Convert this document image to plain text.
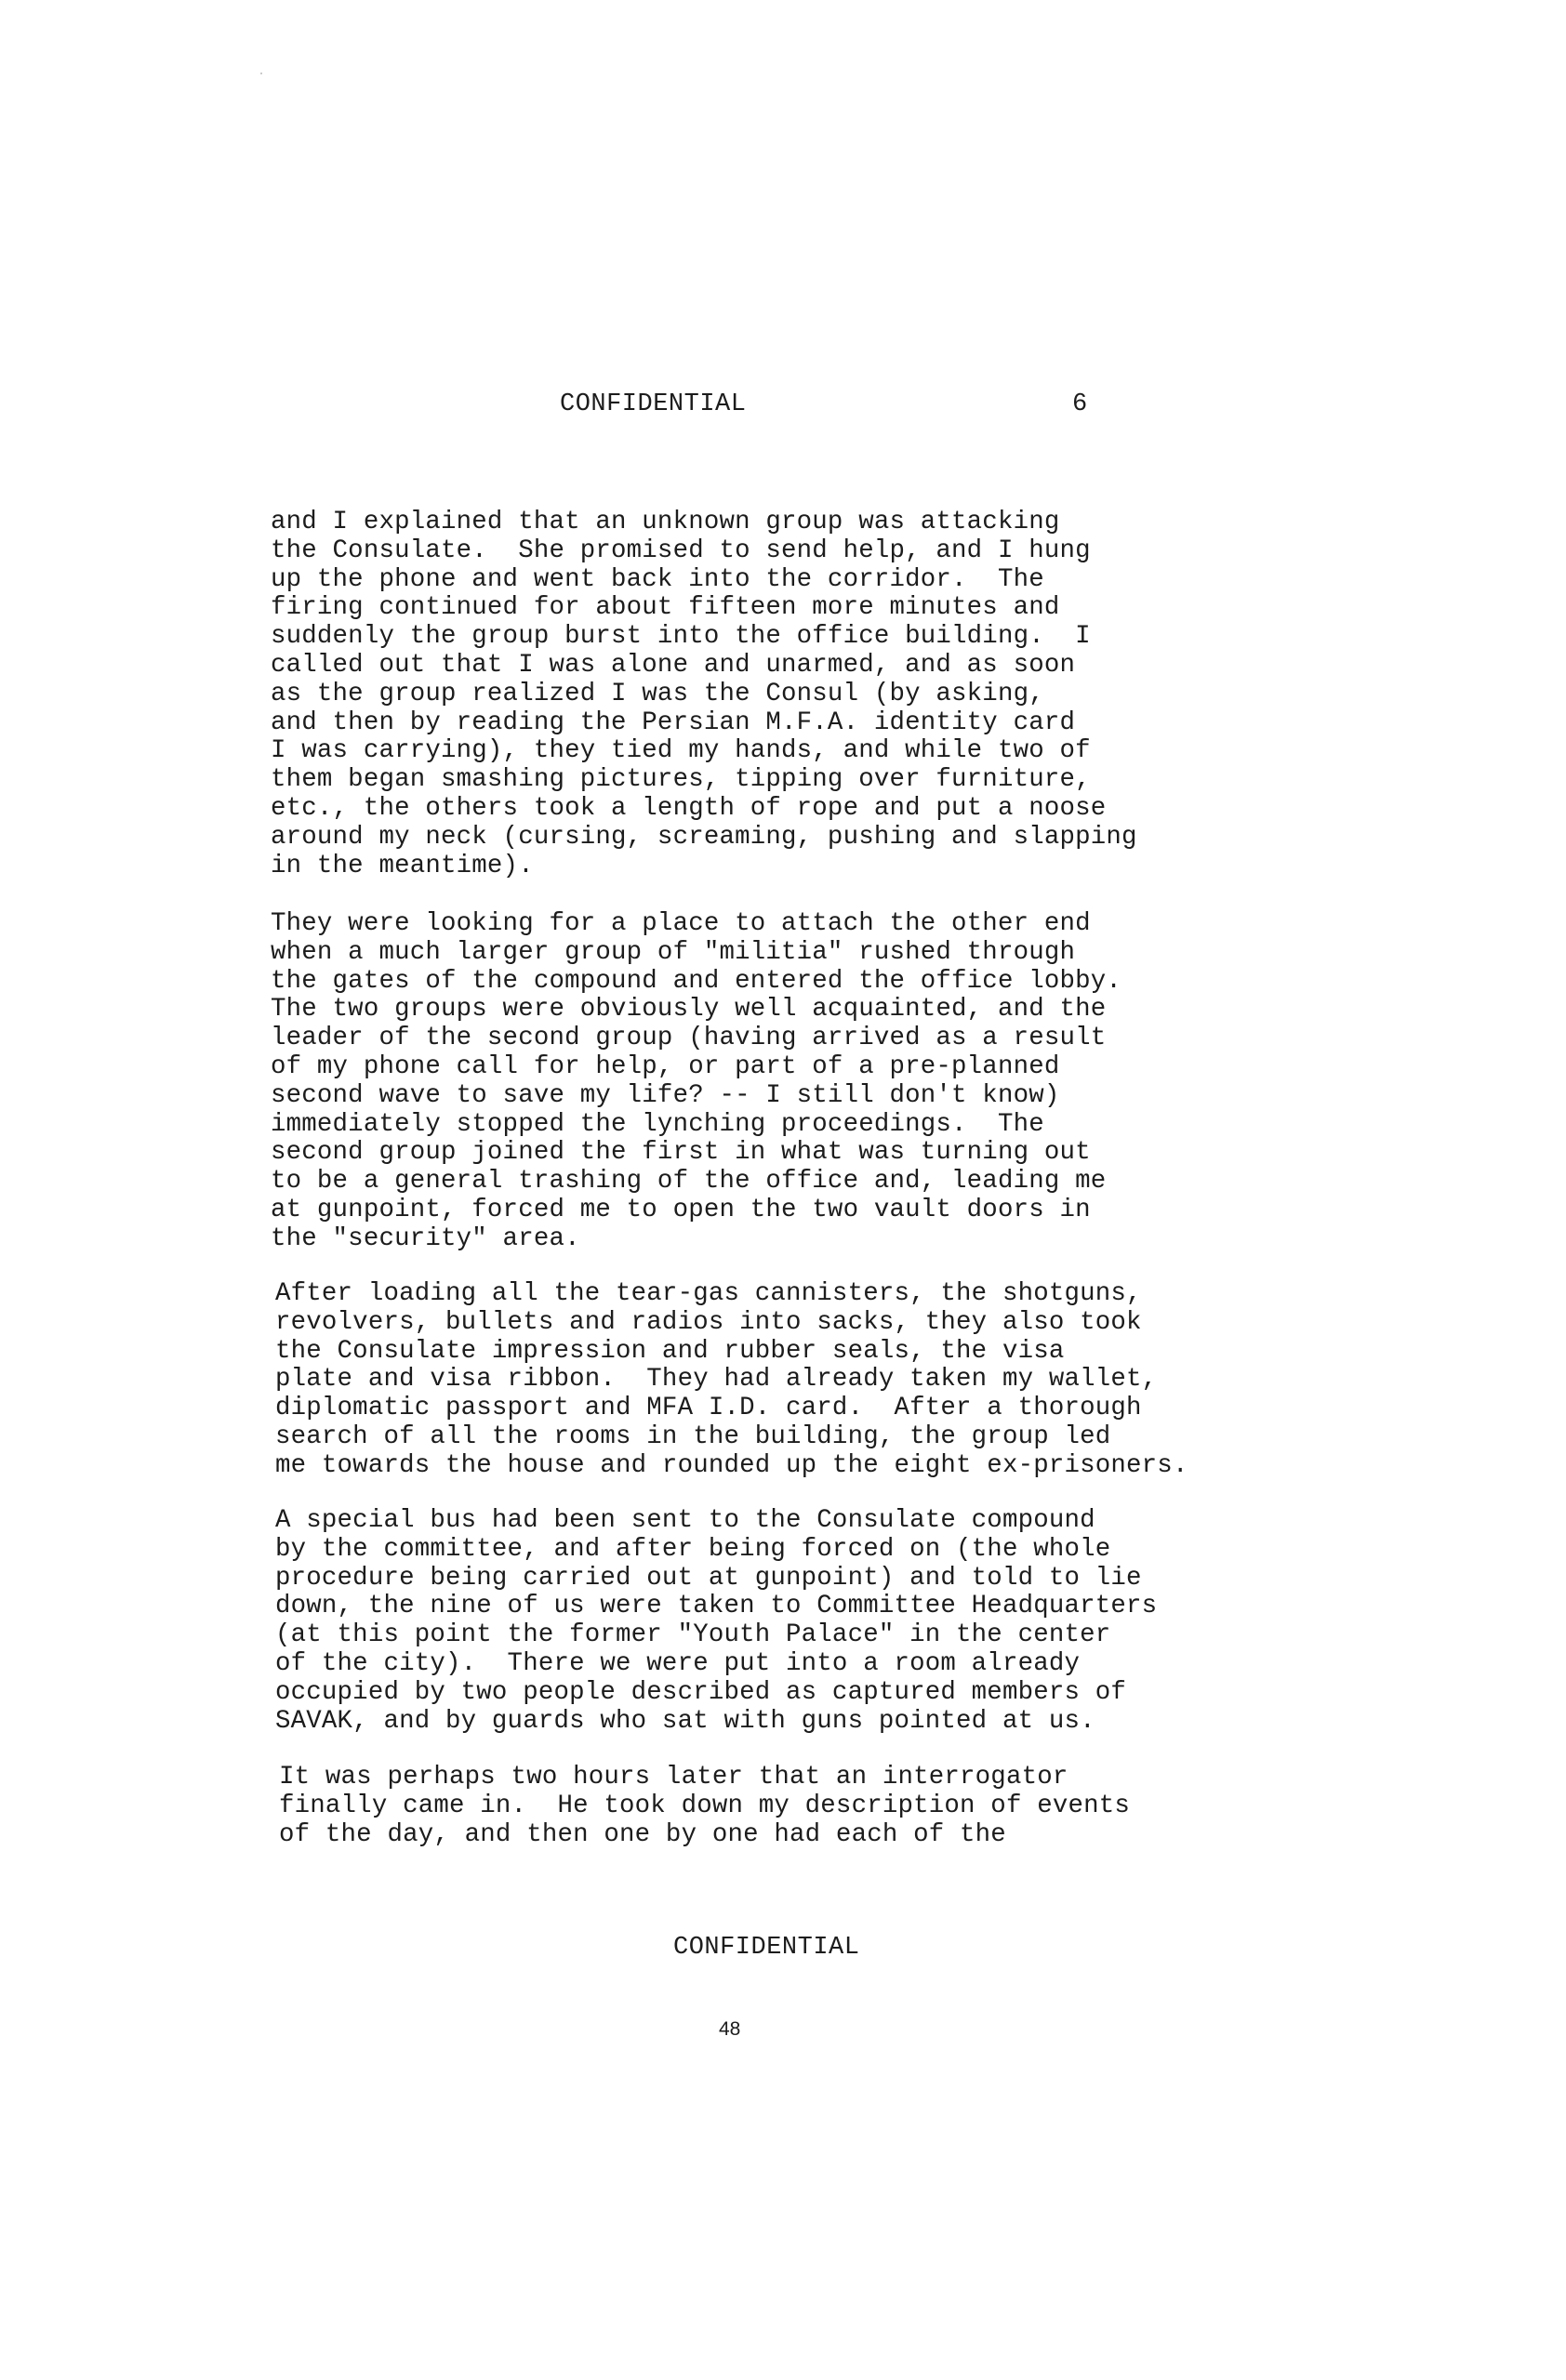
CONFIDENTIAL	6
and I explained that an unknown group was attacking
the Consulate.  She promised to send help, and I hung
up the phone and went back into the corridor.  The
firing continued for about fifteen more minutes and
suddenly the group burst into the office building.  I
called out that I was alone and unarmed, and as soon
as the group realized I was the Consul (by asking,
and then by reading the Persian M.F.A. identity card
I was carrying), they tied my hands, and while two of
them began smashing pictures, tipping over furniture,
etc., the others took a length of rope and put a noose
around my neck (cursing, screaming, pushing and slapping
in the meantime).
They were looking for a place to attach the other end
when a much larger group of "militia" rushed through
the gates of the compound and entered the office lobby.
The two groups were obviously well acquainted, and the
leader of the second group (having arrived as a result
of my phone call for help, or part of a pre-planned
second wave to save my life? -- I still don't know)
immediately stopped the lynching proceedings.  The
second group joined the first in what was turning out
to be a general trashing of the office and, leading me
at gunpoint, forced me to open the two vault doors in
the "security" area.
After loading all the tear-gas cannisters, the shotguns,
revolvers, bullets and radios into sacks, they also took
the Consulate impression and rubber seals, the visa
plate and visa ribbon.  They had already taken my wallet,
diplomatic passport and MFA I.D. card.  After a thorough
search of all the rooms in the building, the group led
me towards the house and rounded up the eight ex-prisoners.
A special bus had been sent to the Consulate compound
by the committee, and after being forced on (the whole
procedure being carried out at gunpoint) and told to lie
down, the nine of us were taken to Committee Headquarters
(at this point the former "Youth Palace" in the center
of the city).  There we were put into a room already
occupied by two people described as captured members of
SAVAK, and by guards who sat with guns pointed at us.
It was perhaps two hours later that an interrogator
finally came in.  He took down my description of events
of the day, and then one by one had each of the
CONFIDENTIAL
48
